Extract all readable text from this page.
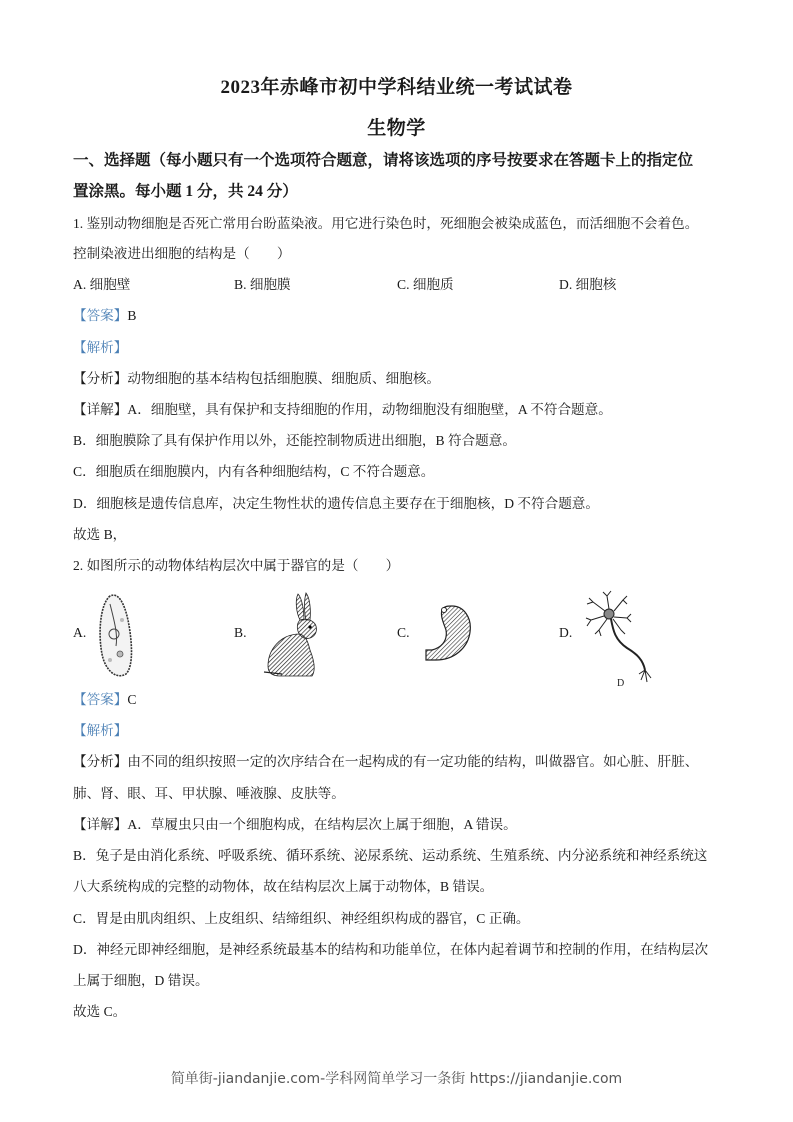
2023年赤峰市初中学科结业统一考试试卷
生物学
一、选择题（每小题只有一个选项符合题意，请将该选项的序号按要求在答题卡上的指定位
置涂黑。每小题 1 分，共 24 分）
1. 鉴别动物细胞是否死亡常用台盼蓝染液。用它进行染色时，死细胞会被染成蓝色，而活细胞不会着色。
控制染液进出细胞的结构是（　　）
A. 细胞壁	B. 细胞膜	C. 细胞质	D. 细胞核
【答案】B
【解析】
【分析】动物细胞的基本结构包括细胞膜、细胞质、细胞核。
【详解】A．细胞壁，具有保护和支持细胞的作用，动物细胞没有细胞壁，A 不符合题意。
B．细胞膜除了具有保护作用以外，还能控制物质进出细胞，B 符合题意。
C．细胞质在细胞膜内，内有各种细胞结构，C 不符合题意。
D．细胞核是遗传信息库，决定生物性状的遗传信息主要存在于细胞核，D 不符合题意。
故选 B，
2. 如图所示的动物体结构层次中属于器官的是（　　）
A.	B.	C.	D.
D
【答案】C
【解析】
【分析】由不同的组织按照一定的次序结合在一起构成的有一定功能的结构，叫做器官。如心脏、肝脏、
肺、肾、眼、耳、甲状腺、唾液腺、皮肤等。
【详解】A．草履虫只由一个细胞构成，在结构层次上属于细胞，A 错误。
B．兔子是由消化系统、呼吸系统、循环系统、泌尿系统、运动系统、生殖系统、内分泌系统和神经系统这
八大系统构成的完整的动物体，故在结构层次上属于动物体，B 错误。
C．胃是由肌肉组织、上皮组织、结缔组织、神经组织构成的器官，C 正确。
D．神经元即神经细胞，是神经系统最基本的结构和功能单位，在体内起着调节和控制的作用，在结构层次
上属于细胞，D 错误。
故选 C。
简单街-jiandanjie.com-学科网简单学习一条街 https://jiandanjie.com
